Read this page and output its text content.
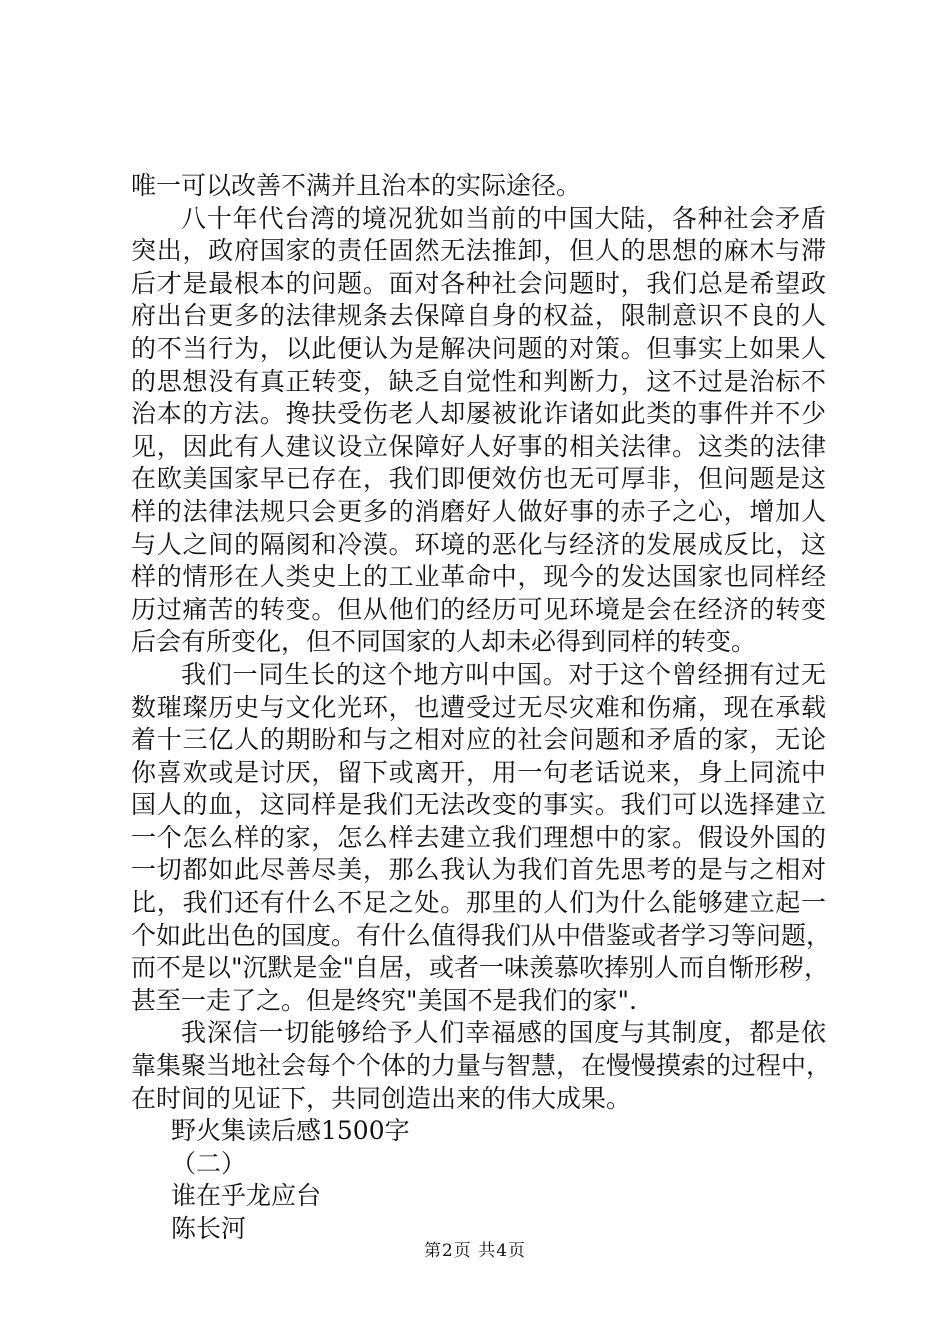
唯一可以改善不满并且治本的实际途径。
八十年代台湾的境况犹如当前的中国大陆，各种社会矛盾
突出，政府国家的责任固然无法推卸，但人的思想的麻木与滞
后才是最根本的问题。面对各种社会问题时，我们总是希望政
府出台更多的法律规条去保障自身的权益，限制意识不良的人
的不当行为，以此便认为是解决问题的对策。但事实上如果人
的思想没有真正转变，缺乏自觉性和判断力，这不过是治标不
治本的方法。搀扶受伤老人却屡被讹诈诸如此类的事件并不少
见，因此有人建议设立保障好人好事的相关法律。这类的法律
在欧美国家早已存在，我们即便效仿也无可厚非，但问题是这
样的法律法规只会更多的消磨好人做好事的赤子之心，增加人
与人之间的隔阂和冷漠。环境的恶化与经济的发展成反比，这
样的情形在人类史上的工业革命中，现今的发达国家也同样经
历过痛苦的转变。但从他们的经历可见环境是会在经济的转变
后会有所变化，但不同国家的人却未必得到同样的转变。
我们一同生长的这个地方叫中国。对于这个曾经拥有过无
数璀璨历史与文化光环，也遭受过无尽灾难和伤痛，现在承载
着十三亿人的期盼和与之相对应的社会问题和矛盾的家，无论
你喜欢或是讨厌，留下或离开，用一句老话说来，身上同流中
国人的血，这同样是我们无法改变的事实。我们可以选择建立
一个怎么样的家，怎么样去建立我们理想中的家。假设外国的
一切都如此尽善尽美，那么我认为我们首先思考的是与之相对
比，我们还有什么不足之处。那里的人们为什么能够建立起一
个如此出色的国度。有什么值得我们从中借鉴或者学习等问题，
而不是以"沉默是金"自居，或者一味羡慕吹捧别人而自惭形秽，
甚至一走了之。但是终究"美国不是我们的家".
我深信一切能够给予人们幸福感的国度与其制度，都是依
靠集聚当地社会每个个体的力量与智慧，在慢慢摸索的过程中，
在时间的见证下，共同创造出来的伟大成果。
野火集读后感1500字
（二）
谁在乎龙应台
陈长河
第2页 共4页
